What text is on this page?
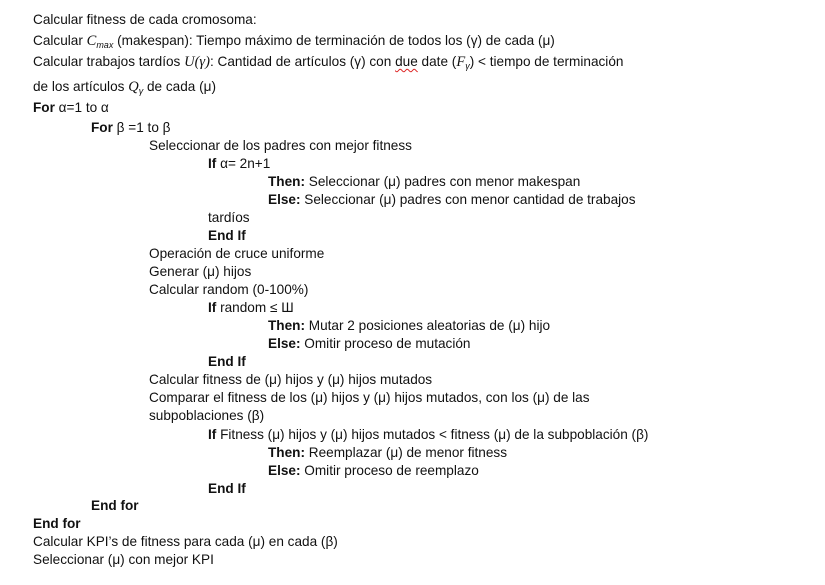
Calcular fitness de cada cromosoma:
Calcular $C_{max}$ (makespan): Tiempo máximo de terminación de todos los (γ) de cada (μ)
Calcular trabajos tardíos U(γ): Cantidad de artículos (γ) con due date $(F_\gamma)$ < tiempo de terminación
de los artículos $Q_\gamma$ de cada (μ)
For α=1 to α
For β =1 to β
Seleccionar de los padres con mejor fitness
If α= 2n+1
Then: Seleccionar (μ) padres con menor makespan
Else: Seleccionar (μ) padres con menor cantidad de trabajos
tardíos
End If
Operación de cruce uniforme
Generar (μ) hijos
Calcular random (0-100%)
If random ≤ Ш
Then: Mutar 2 posiciones aleatorias de (μ) hijo
Else: Omitir proceso de mutación
End If
Calcular fitness de (μ) hijos y (μ) hijos mutados
Comparar el fitness de los (μ) hijos y (μ) hijos mutados, con los (μ) de las
subpoblaciones (β)
If Fitness (μ) hijos y (μ) hijos mutados < fitness (μ) de la subpoblación (β)
Then: Reemplazar (μ) de menor fitness
Else: Omitir proceso de reemplazo
End If
End for
End for
Calcular KPI’s de fitness para cada (μ) en cada (β)
Seleccionar (μ) con mejor KPI
